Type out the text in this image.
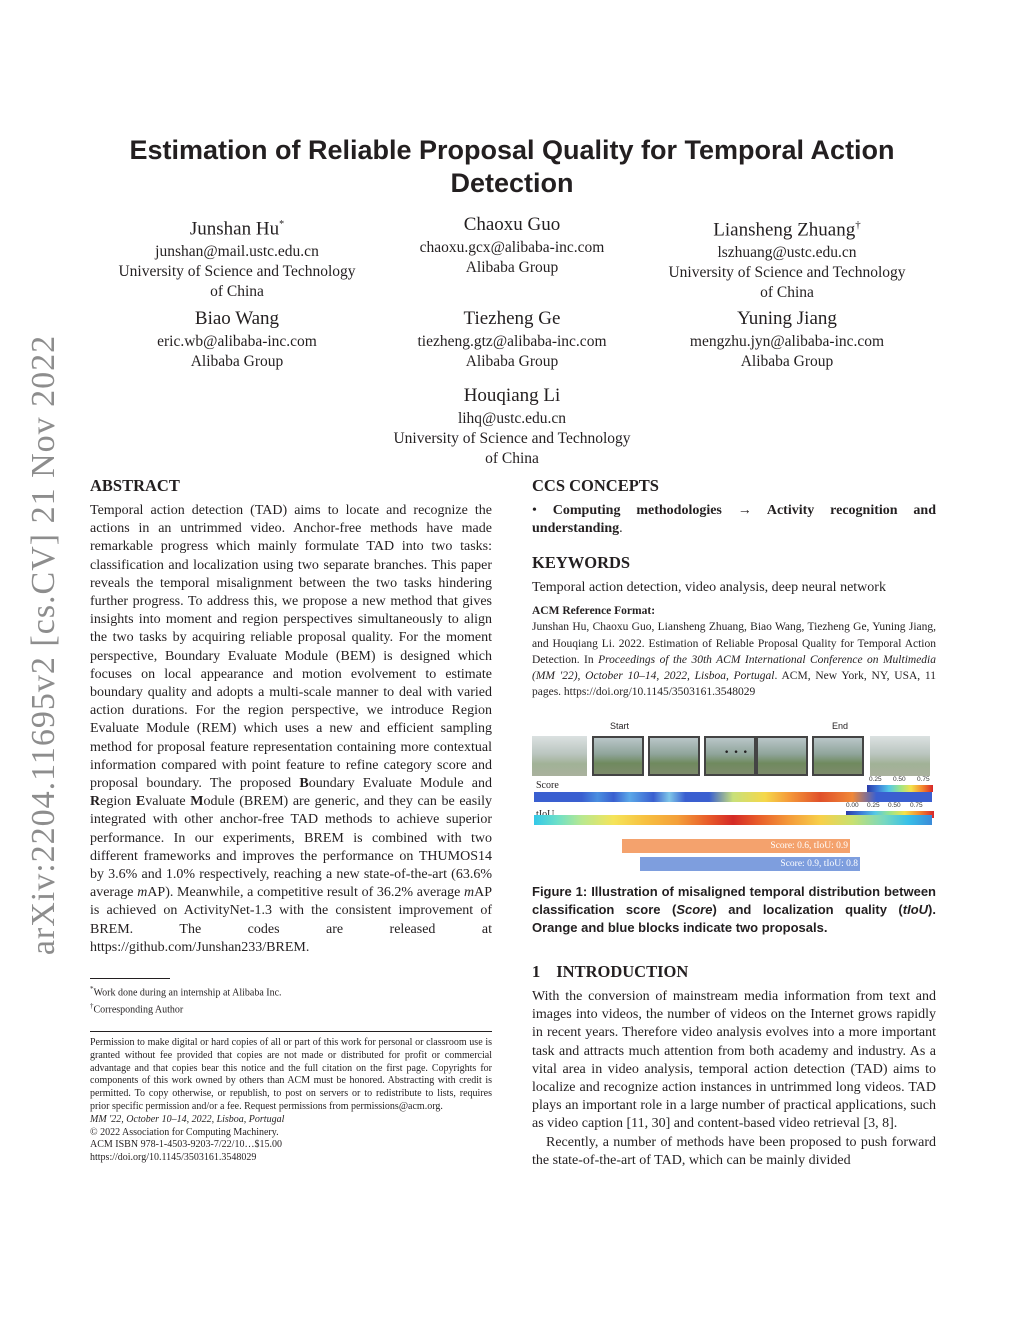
arXiv:2204.11695v2 [cs.CV] 21 Nov 2022
Estimation of Reliable Proposal Quality for Temporal Action
Detection
Junshan Hu*
junshan@mail.ustc.edu.cn
University of Science and Technology
of China
Chaoxu Guo
chaoxu.gcx@alibaba-inc.com
Alibaba Group
Liansheng Zhuang†
lszhuang@ustc.edu.cn
University of Science and Technology
of China
Biao Wang
eric.wb@alibaba-inc.com
Alibaba Group
Tiezheng Ge
tiezheng.gtz@alibaba-inc.com
Alibaba Group
Yuning Jiang
mengzhu.jyn@alibaba-inc.com
Alibaba Group
Houqiang Li
lihq@ustc.edu.cn
University of Science and Technology
of China
ABSTRACT
Temporal action detection (TAD) aims to locate and recognize the actions in an untrimmed video. Anchor-free methods have made remarkable progress which mainly formulate TAD into two tasks: classification and localization using two separate branches. This paper reveals the temporal misalignment between the two tasks hindering further progress. To address this, we propose a new method that gives insights into moment and region perspectives simultaneously to align the two tasks by acquiring reliable proposal quality. For the moment perspective, Boundary Evaluate Module (BEM) is designed which focuses on local appearance and motion evolvement to estimate boundary quality and adopts a multi-scale manner to deal with varied action durations. For the region perspective, we introduce Region Evaluate Module (REM) which uses a new and efficient sampling method for proposal feature representation containing more contextual information compared with point feature to refine category score and proposal boundary. The proposed Boundary Evaluate Module and Region Evaluate Module (BREM) are generic, and they can be easily integrated with other anchor-free TAD methods to achieve superior performance. In our experiments, BREM is combined with two different frameworks and improves the performance on THUMOS14 by 3.6% and 1.0% respectively, reaching a new state-of-the-art (63.6% average mAP). Meanwhile, a competitive result of 36.2% average mAP is achieved on ActivityNet-1.3 with the consistent improvement of BREM. The codes are released at https://github.com/Junshan233/BREM.
*Work done during an internship at Alibaba Inc.
†Corresponding Author
Permission to make digital or hard copies of all or part of this work for personal or classroom use is granted without fee provided that copies are not made or distributed for profit or commercial advantage and that copies bear this notice and the full citation on the first page. Copyrights for components of this work owned by others than ACM must be honored. Abstracting with credit is permitted. To copy otherwise, or republish, to post on servers or to redistribute to lists, requires prior specific permission and/or a fee. Request permissions from permissions@acm.org.
MM '22, October 10–14, 2022, Lisboa, Portugal
© 2022 Association for Computing Machinery.
ACM ISBN 978-1-4503-9203-7/22/10…$15.00
https://doi.org/10.1145/3503161.3548029
CCS CONCEPTS
• Computing methodologies → Activity recognition and understanding.
KEYWORDS
Temporal action detection, video analysis, deep neural network
ACM Reference Format:
Junshan Hu, Chaoxu Guo, Liansheng Zhuang, Biao Wang, Tiezheng Ge, Yuning Jiang, and Houqiang Li. 2022. Estimation of Reliable Proposal Quality for Temporal Action Detection. In Proceedings of the 30th ACM International Conference on Multimedia (MM '22), October 10–14, 2022, Lisboa, Portugal. ACM, New York, NY, USA, 11 pages. https://doi.org/10.1145/3503161.3548029
Start	End
· · ·
Score
0.25 0.50 0.75
0.00 0.25 0.50 0.75
Score: 0.6, tIoU: 0.9
Score: 0.9, tIoU: 0.8
Figure 1: Illustration of misaligned temporal distribution between classification score (Score) and localization quality (tIoU). Orange and blue blocks indicate two proposals.
1 INTRODUCTION
With the conversion of mainstream media information from text and images into videos, the number of videos on the Internet grows rapidly in recent years. Therefore video analysis evolves into a more important task and attracts much attention from both academy and industry. As a vital area in video analysis, temporal action detection (TAD) aims to localize and recognize action instances in untrimmed long videos. TAD plays an important role in a large number of practical applications, such as video caption [11, 30] and content-based video retrieval [3, 8].
Recently, a number of methods have been proposed to push forward the state-of-the-art of TAD, which can be mainly divided
